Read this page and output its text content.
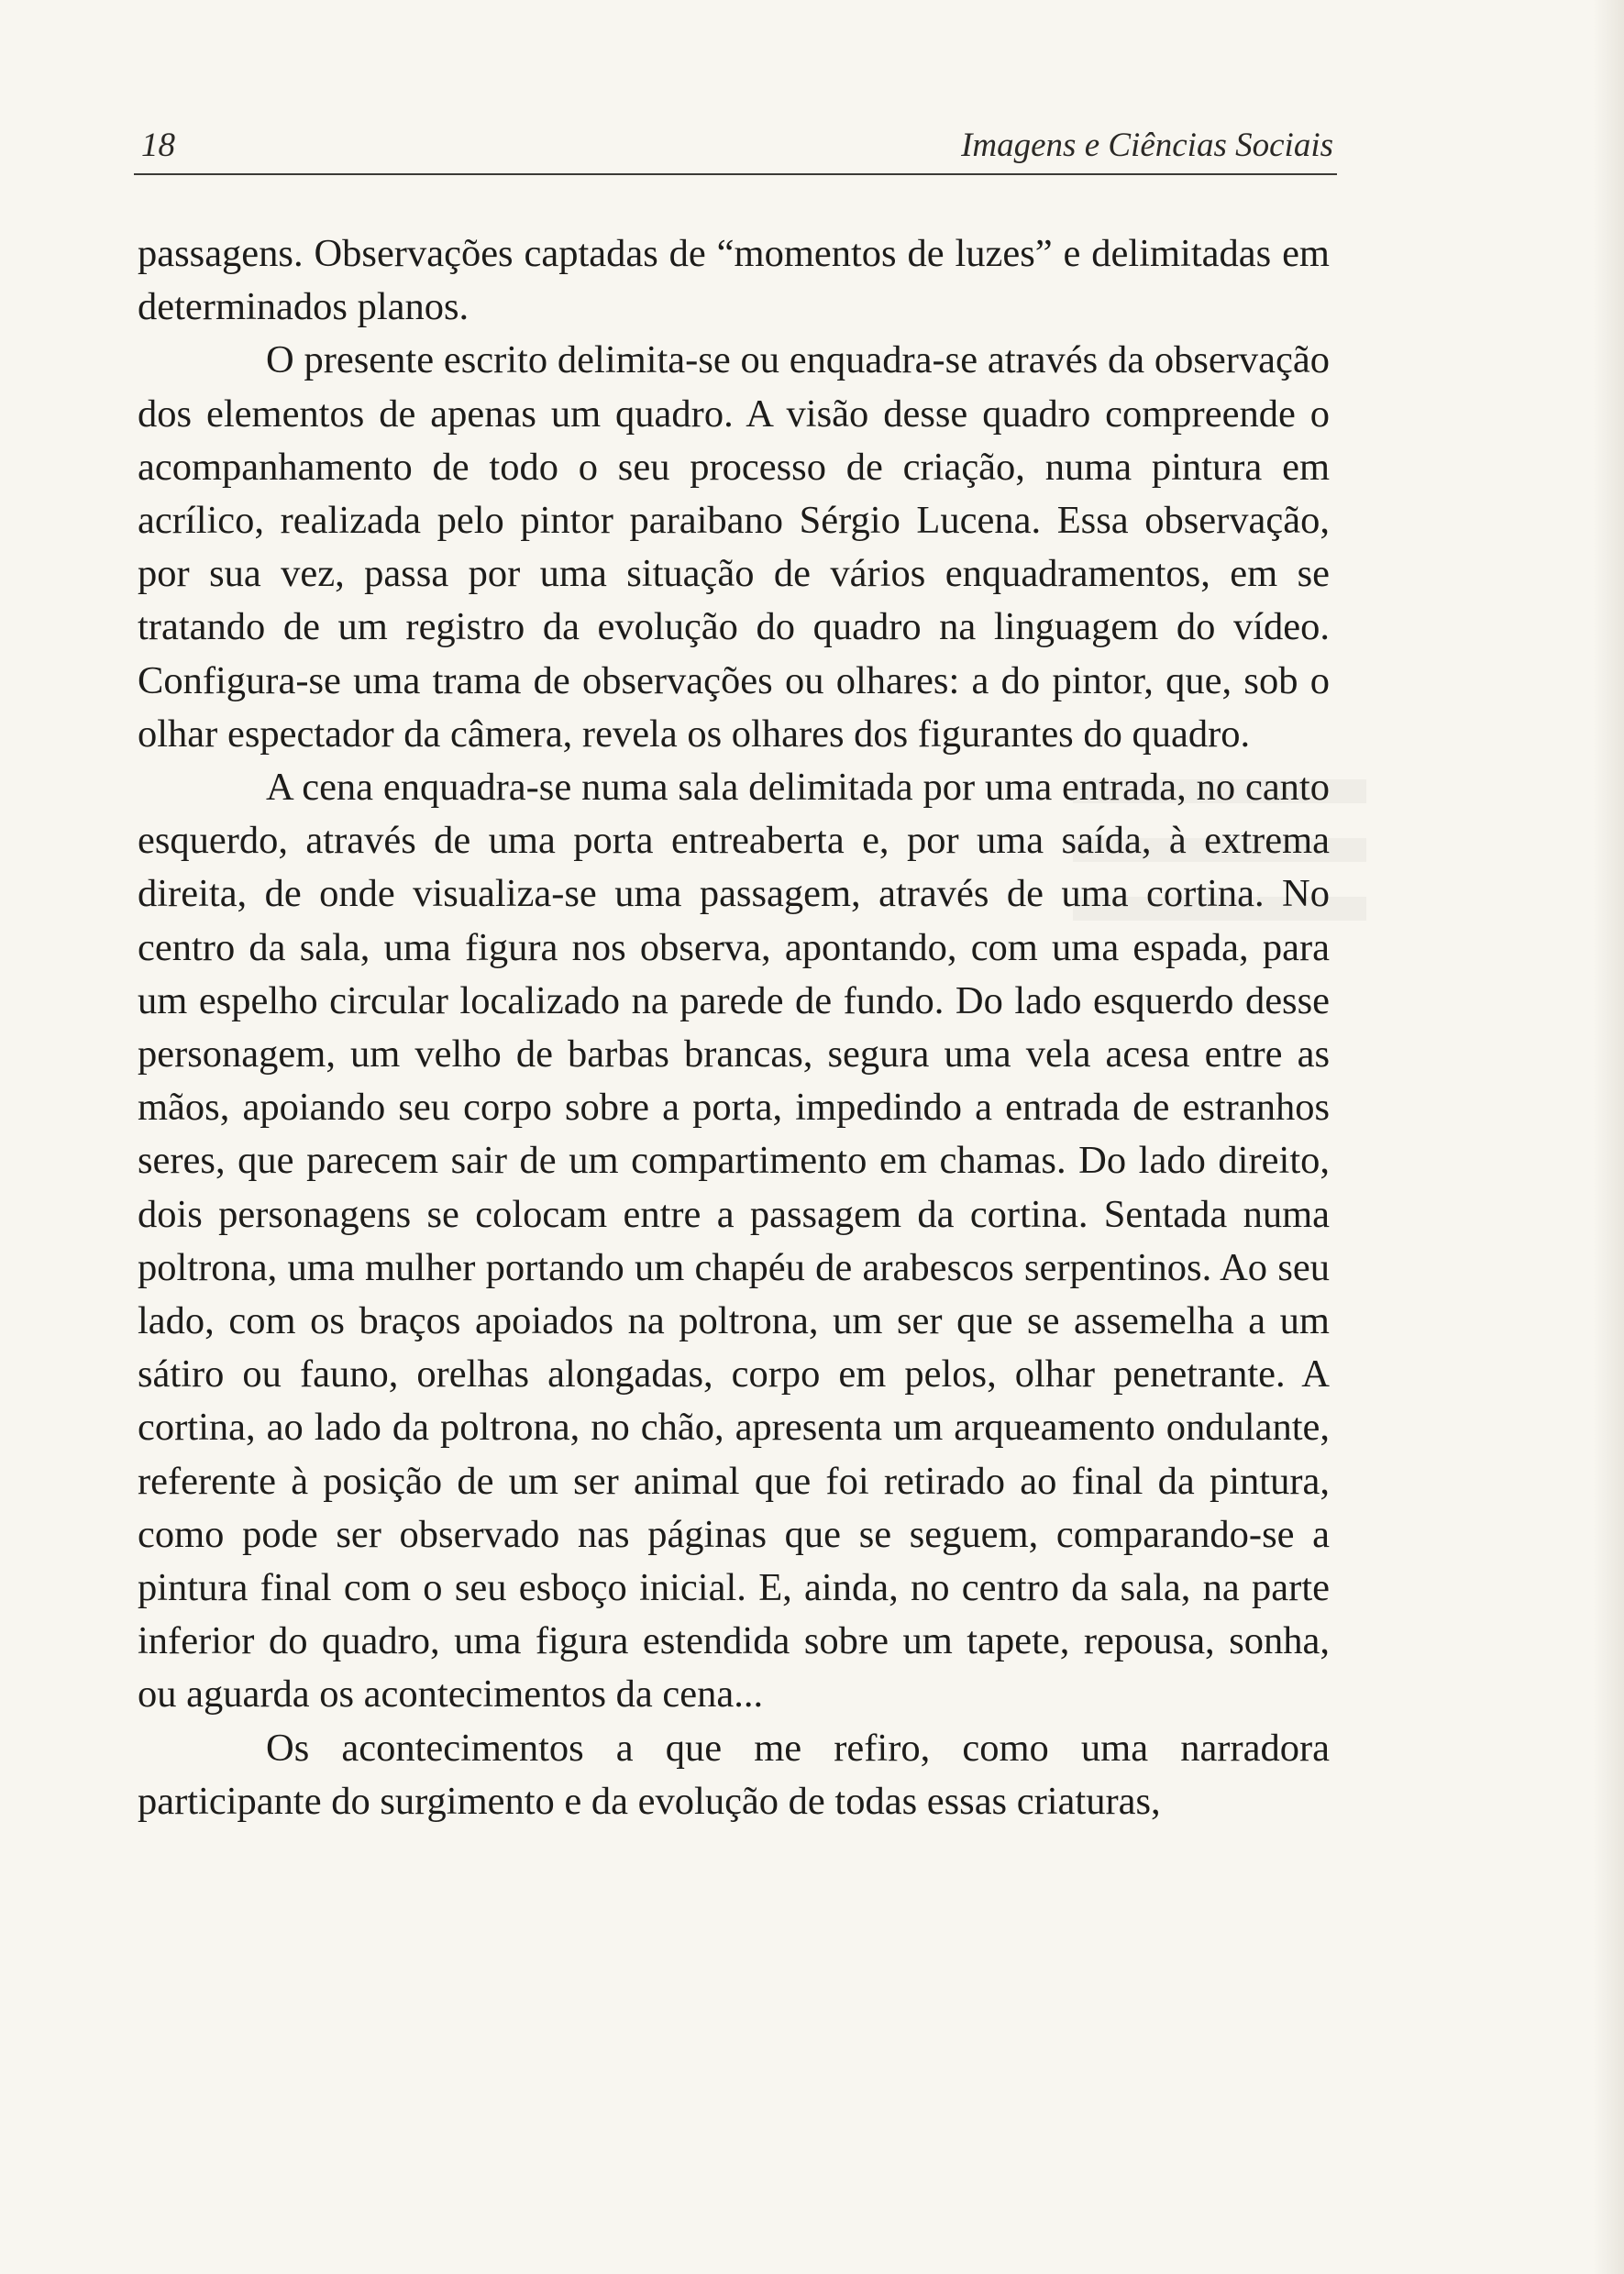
18	Imagens e Ciências Sociais

passagens. Observações captadas de “momentos de luzes” e delimitadas em determinados planos.

O presente escrito delimita-se ou enquadra-se através da observação dos elementos de apenas um quadro. A visão desse quadro compreende o acompanhamento de todo o seu processo de criação, numa pintura em acrílico, realizada pelo pintor paraibano Sérgio Lucena. Essa observação, por sua vez, passa por uma situação de vários enquadramentos, em se tratando de um registro da evolução do quadro na linguagem do vídeo. Configura-se uma trama de observações ou olhares: a do pintor, que, sob o olhar espectador da câmera, revela os olhares dos figurantes do quadro.

A cena enquadra-se numa sala delimitada por uma entrada, no canto esquerdo, através de uma porta entreaberta e, por uma saída, à extrema direita, de onde visualiza-se uma passagem, através de uma cortina. No centro da sala, uma figura nos observa, apontando, com uma espada, para um espelho circular localizado na parede de fundo. Do lado esquerdo desse personagem, um velho de barbas brancas, segura uma vela acesa entre as mãos, apoiando seu corpo sobre a porta, impedindo a entrada de estranhos seres, que parecem sair de um compartimento em chamas. Do lado direito, dois personagens se colocam entre a passagem da cortina. Sentada numa poltrona, uma mulher portando um chapéu de arabescos serpentinos. Ao seu lado, com os braços apoiados na poltrona, um ser que se assemelha a um sátiro ou fauno, orelhas alongadas, corpo em pelos, olhar penetrante. A cortina, ao lado da poltrona, no chão, apresenta um arqueamento ondulante, referente à posição de um ser animal que foi retirado ao final da pintura, como pode ser observado nas páginas que se seguem, comparando-se a pintura final com o seu esboço inicial. E, ainda, no centro da sala, na parte inferior do quadro, uma figura estendida sobre um tapete, repousa, sonha, ou aguarda os acontecimentos da cena...

Os acontecimentos a que me refiro, como uma narradora participante do surgimento e da evolução de todas essas criaturas,
